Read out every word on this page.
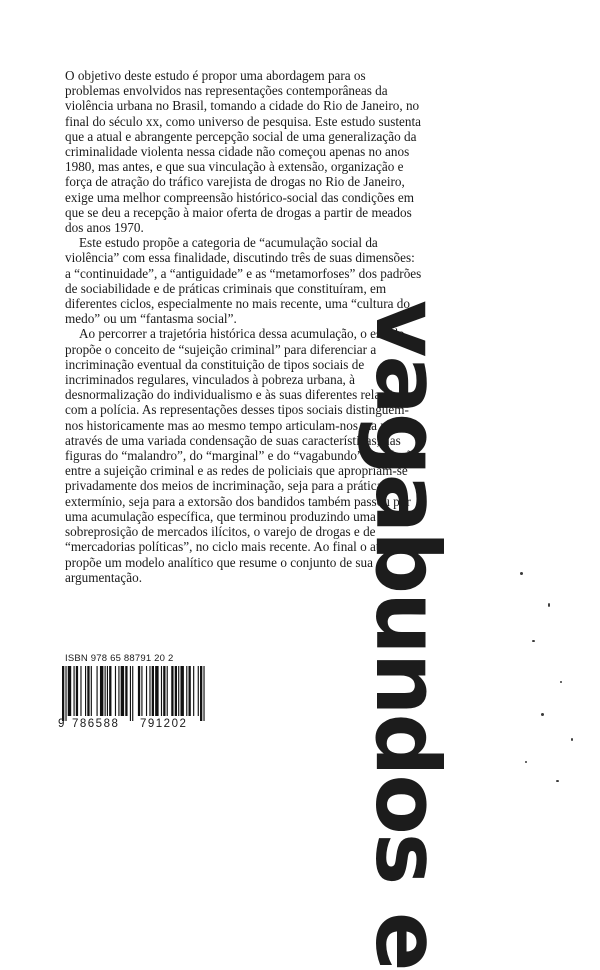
O objetivo deste estudo é propor uma abordagem para os problemas envolvidos nas representações contemporâneas da violência urbana no Brasil, tomando a cidade do Rio de Janeiro, no final do século xx, como universo de pesquisa. Este estudo sustenta que a atual e abrangente percepção social de uma generalização da criminalidade violenta nessa cidade não começou apenas no anos 1980, mas antes, e que sua vinculação à extensão, organização e força de atração do tráfico varejista de drogas no Rio de Janeiro, exige uma melhor compreensão histórico-social das condições em que se deu a recepção à maior oferta de drogas a partir de meados dos anos 1970.

Este estudo propõe a categoria de “acumulação social da violência” com essa finalidade, discutindo três de suas dimensões: a “continuidade”, a “antiguidade” e as “metamorfoses” dos padrões de sociabilidade e de práticas criminais que constituíram, em diferentes ciclos, especialmente no mais recente, uma “cultura do medo” ou um “fantasma social”.

Ao percorrer a trajetória histórica dessa acumulação, o estudo propõe o conceito de “sujeição criminal” para diferenciar a incriminação eventual da constituição de tipos sociais de incriminados regulares, vinculados à pobreza urbana, à desnormalização do individualismo e às suas diferentes relações com a polícia. As representações desses tipos sociais distinguem-nos historicamente mas ao mesmo tempo articulam-nos, na prática, através de uma variada condensação de suas características, nas figuras do “malandro”, do “marginal” e do “vagabundo”. A relação entre a sujeição criminal e as redes de policiais que apropriam-se privadamente dos meios de incriminação, seja para a prática do extermínio, seja para a extorsão dos bandidos também passou por uma acumulação específica, que terminou produzindo uma sobreprosição de mercados ilícitos, o varejo de drogas e de “mercadorias políticas”, no ciclo mais recente. Ao final o autor propõe um modelo analítico que resume o conjunto de sua argumentação.	vagabundos e
ISBN 978 65 88791 20 2
9 786588	791202
